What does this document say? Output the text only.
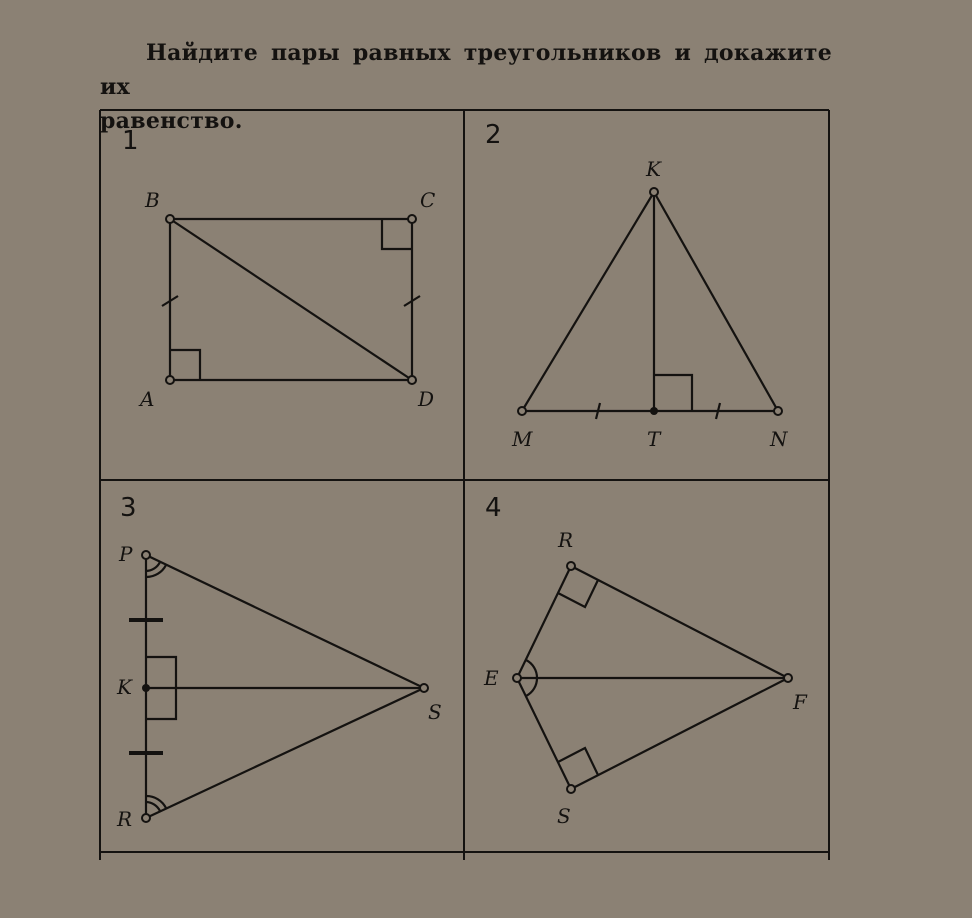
Найдите пары равных треугольников и докажите их
равенство.
1
A
B	C
D
2
K
M	T	N
3
P
K
R
S
4
R
E
S
F
